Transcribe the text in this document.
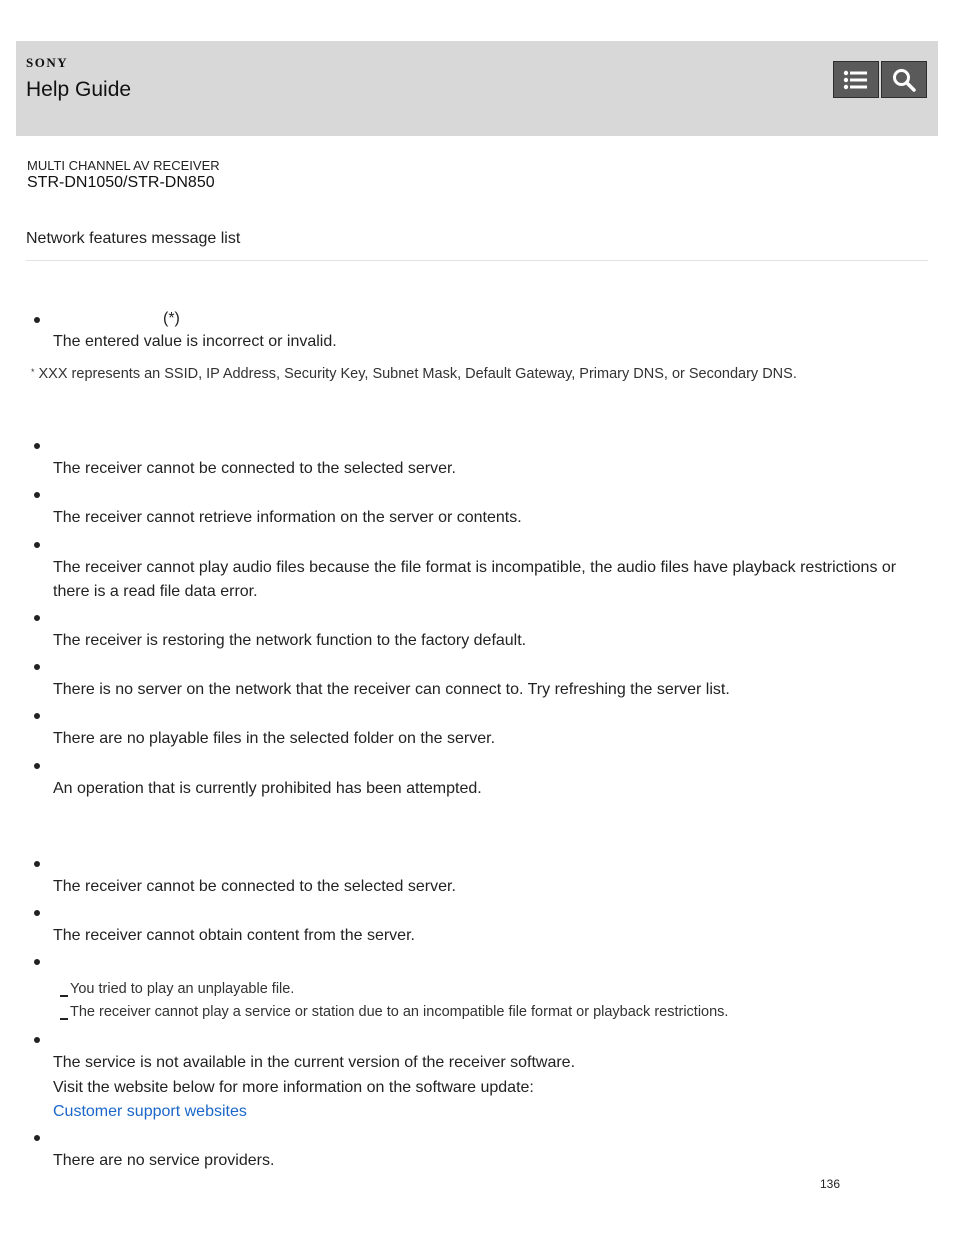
SONY
Help Guide
MULTI CHANNEL AV RECEIVER
STR-DN1050/STR-DN850
Network features message list
(*)
The entered value is incorrect or invalid.
* XXX represents an SSID, IP Address, Security Key, Subnet Mask, Default Gateway, Primary DNS, or Secondary DNS.
The receiver cannot be connected to the selected server.
The receiver cannot retrieve information on the server or contents.
The receiver cannot play audio files because the file format is incompatible, the audio files have playback restrictions or there is a read file data error.
The receiver is restoring the network function to the factory default.
There is no server on the network that the receiver can connect to. Try refreshing the server list.
There are no playable files in the selected folder on the server.
An operation that is currently prohibited has been attempted.
The receiver cannot be connected to the selected server.
The receiver cannot obtain content from the server.
You tried to play an unplayable file.
The receiver cannot play a service or station due to an incompatible file format or playback restrictions.
The service is not available in the current version of the receiver software.
Visit the website below for more information on the software update:
Customer support websites
There are no service providers.
136
